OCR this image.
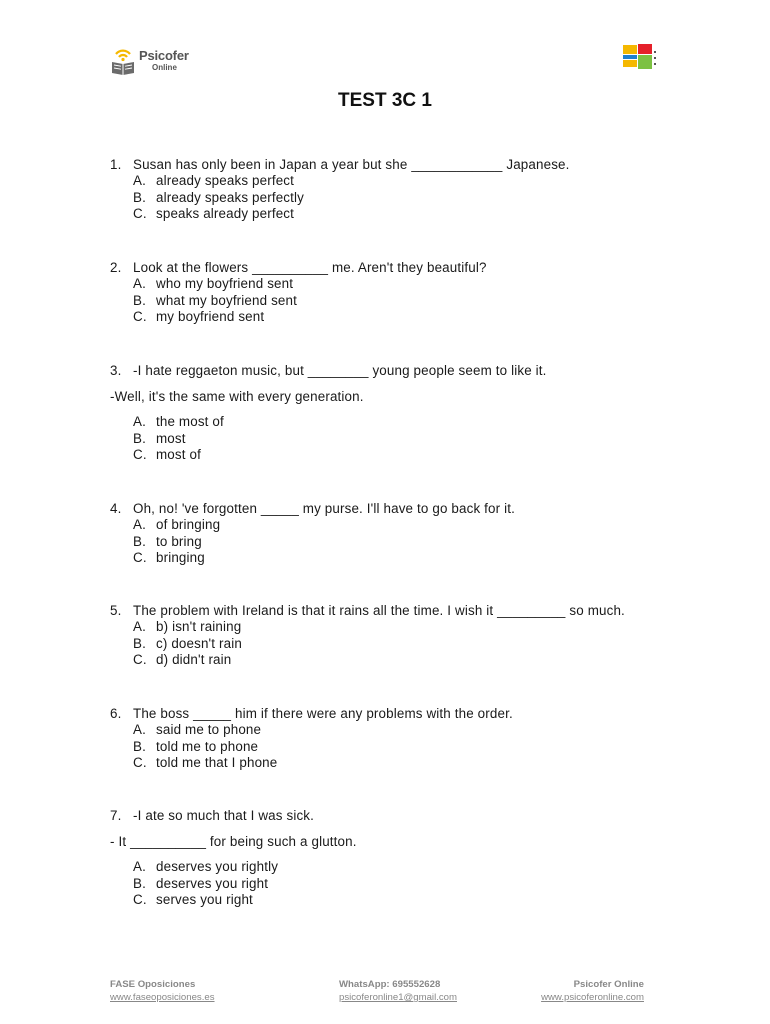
Psicofer
Online
TEST 3C 1
1. Susan has only been in Japan a year but she ____________ Japanese.
A. already speaks perfect
B. already speaks perfectly
C. speaks already perfect
2. Look at the flowers __________ me. Aren't they beautiful?
A. who my boyfriend sent
B. what my boyfriend sent
C. my boyfriend sent
3. -I hate reggaeton music, but ________ young people seem to like it.
-Well, it's the same with every generation.
A. the most of
B. most
C. most of
4. Oh, no! 've forgotten _____ my purse. I'll have to go back for it.
A. of bringing
B. to bring
C. bringing
5. The problem with Ireland is that it rains all the time. I wish it _________ so much.
A. b) isn't raining
B. c) doesn't rain
C. d) didn't rain
6. The boss _____ him if there were any problems with the order.
A. said me to phone
B. told me to phone
C. told me that I phone
7. -I ate so much that I was sick.
- It __________ for being such a glutton.
A. deserves you rightly
B. deserves you right
C. serves you right
FASE Oposiciones
www.faseoposiciones.es
WhatsApp: 695552628
psicoferonline1@gmail.com
Psicofer Online
www.psicoferonline.com
